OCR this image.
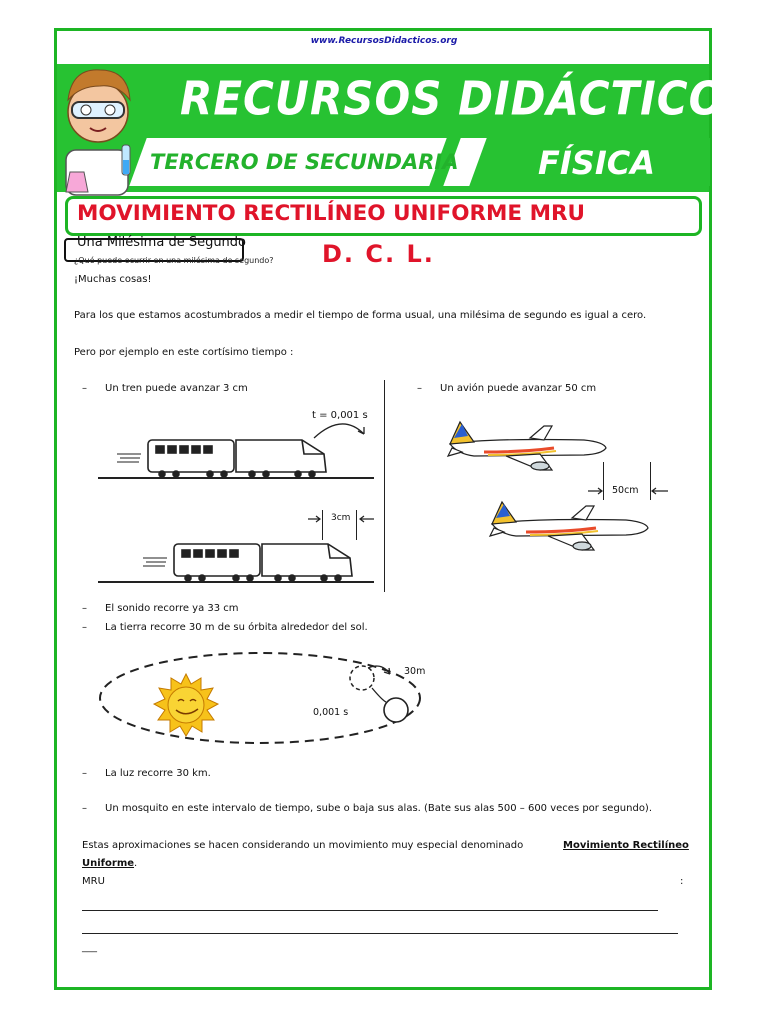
www.RecursosDidacticos.org
RECURSOS DIDÁCTICOS
TERCERO DE SECUNDARIA FÍSICA
MOVIMIENTO RECTILÍNEO UNIFORME MRU
Una Milésima de Segundo	D. C. L.
¿Qué puede ocurrir en una milésima de segundo?
¡Muchas cosas!
Para los que estamos acostumbrados a medir el tiempo de forma usual, una milésima de segundo es igual a cero.
Pero por ejemplo en este cortísimo tiempo :
– Un tren puede avanzar 3 cm	– Un avión puede avanzar 50 cm
t = 0,001 s
3cm
50cm
– El sonido recorre ya 33 cm
– La tierra recorre 30 m de su órbita alrededor del sol.
30m
0,001 s
– La luz recorre 30 km.
– Un mosquito en este intervalo de tiempo, sube o baja sus alas. (Bate sus alas 500 – 600 veces por segundo).
Estas aproximaciones se hacen considerando un movimiento muy especial denominado	Movimiento Rectilíneo
Uniforme.
MRU	:
___
